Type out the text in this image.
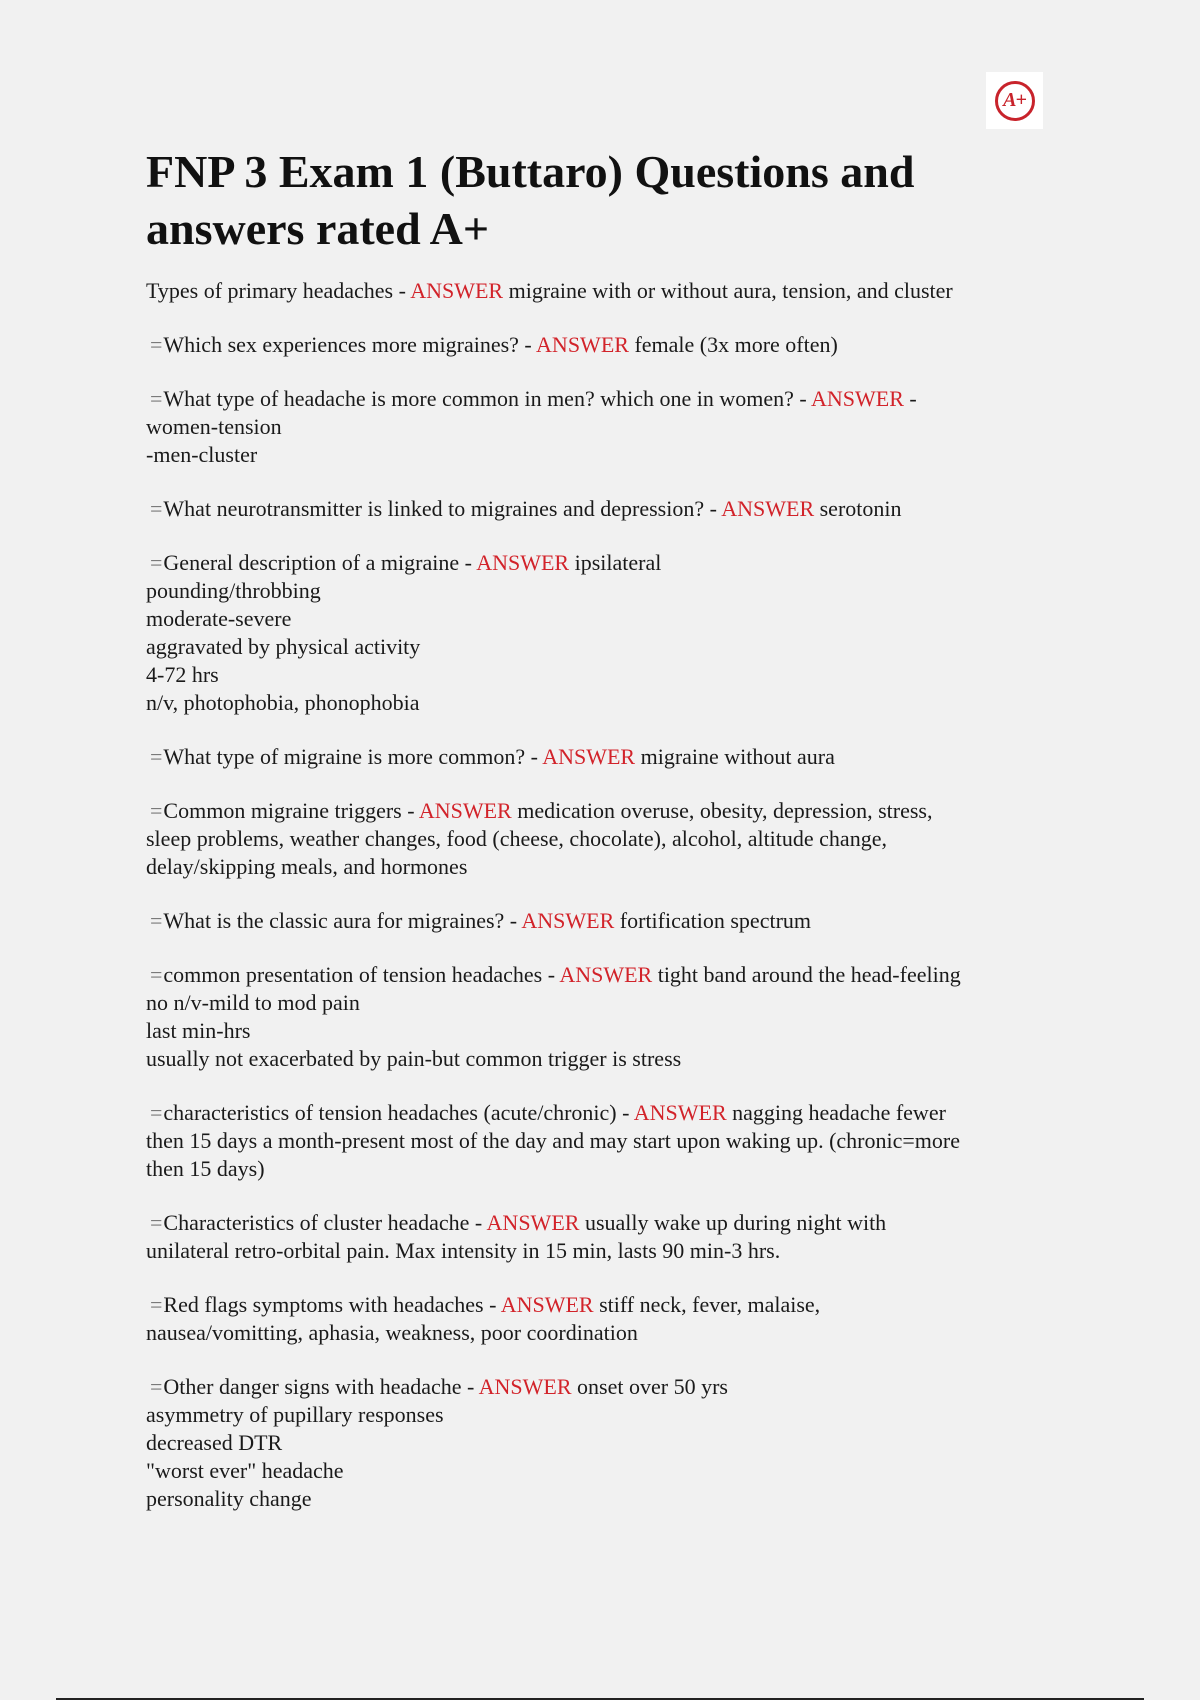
A+
FNP 3 Exam 1 (Buttaro) Questions and answers rated A+

Types of primary headaches - ANSWER migraine with or without aura, tension, and cluster

=Which sex experiences more migraines? - ANSWER female (3x more often)

=What type of headache is more common in men? which one in women? - ANSWER -
women-tension
-men-cluster

=What neurotransmitter is linked to migraines and depression? - ANSWER serotonin

=General description of a migraine - ANSWER ipsilateral
pounding/throbbing
moderate-severe
aggravated by physical activity
4-72 hrs
n/v, photophobia, phonophobia

=What type of migraine is more common? - ANSWER migraine without aura

=Common migraine triggers - ANSWER medication overuse, obesity, depression, stress,
sleep problems, weather changes, food (cheese, chocolate), alcohol, altitude change,
delay/skipping meals, and hormones

=What is the classic aura for migraines? - ANSWER fortification spectrum

=common presentation of tension headaches - ANSWER tight band around the head-feeling
no n/v-mild to mod pain
last min-hrs
usually not exacerbated by pain-but common trigger is stress

=characteristics of tension headaches (acute/chronic) - ANSWER nagging headache fewer
then 15 days a month-present most of the day and may start upon waking up. (chronic=more
then 15 days)

=Characteristics of cluster headache - ANSWER usually wake up during night with
unilateral retro-orbital pain. Max intensity in 15 min, lasts 90 min-3 hrs.

=Red flags symptoms with headaches - ANSWER stiff neck, fever, malaise,
nausea/vomitting, aphasia, weakness, poor coordination

=Other danger signs with headache - ANSWER onset over 50 yrs
asymmetry of pupillary responses
decreased DTR
"worst ever" headache
personality change
